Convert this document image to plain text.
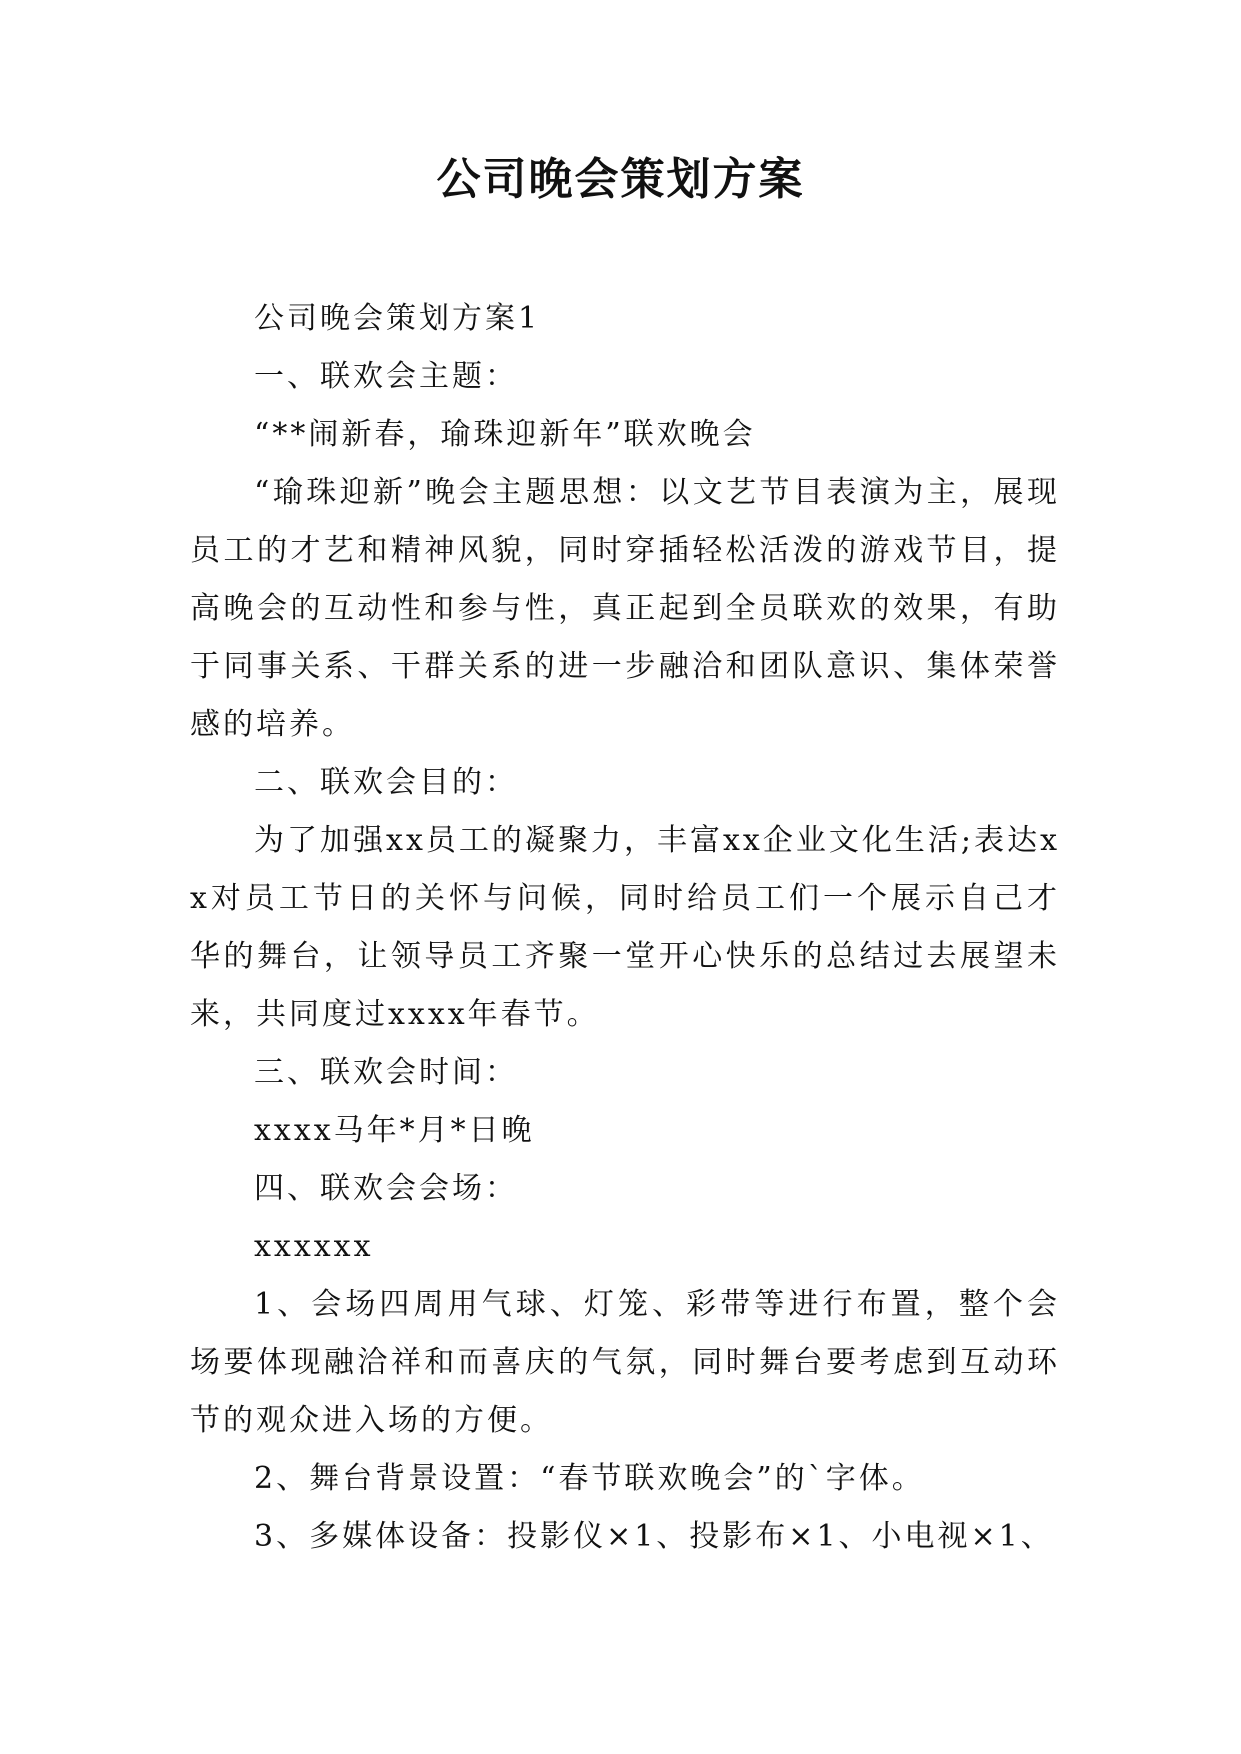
公司晚会策划方案

公司晚会策划方案1

一、联欢会主题：

“**闹新春，瑜珠迎新年”联欢晚会

“瑜珠迎新”晚会主题思想：以文艺节目表演为主，展现员工的才艺和精神风貌，同时穿插轻松活泼的游戏节目，提高晚会的互动性和参与性，真正起到全员联欢的效果，有助于同事关系、干群关系的进一步融洽和团队意识、集体荣誉感的培养。

二、联欢会目的：

为了加强xx员工的凝聚力，丰富xx企业文化生活;表达xx对员工节日的关怀与问候，同时给员工们一个展示自己才华的舞台，让领导员工齐聚一堂开心快乐的总结过去展望未来，共同度过xxxx年春节。

三、联欢会时间：

xxxx马年*月*日晚

四、联欢会会场：

xxxxxx

1、会场四周用气球、灯笼、彩带等进行布置，整个会场要体现融洽祥和而喜庆的气氛，同时舞台要考虑到互动环节的观众进入场的方便。

2、舞台背景设置：“春节联欢晚会”的`字体。

3、多媒体设备：投影仪×1、投影布×1、小电视×1、
